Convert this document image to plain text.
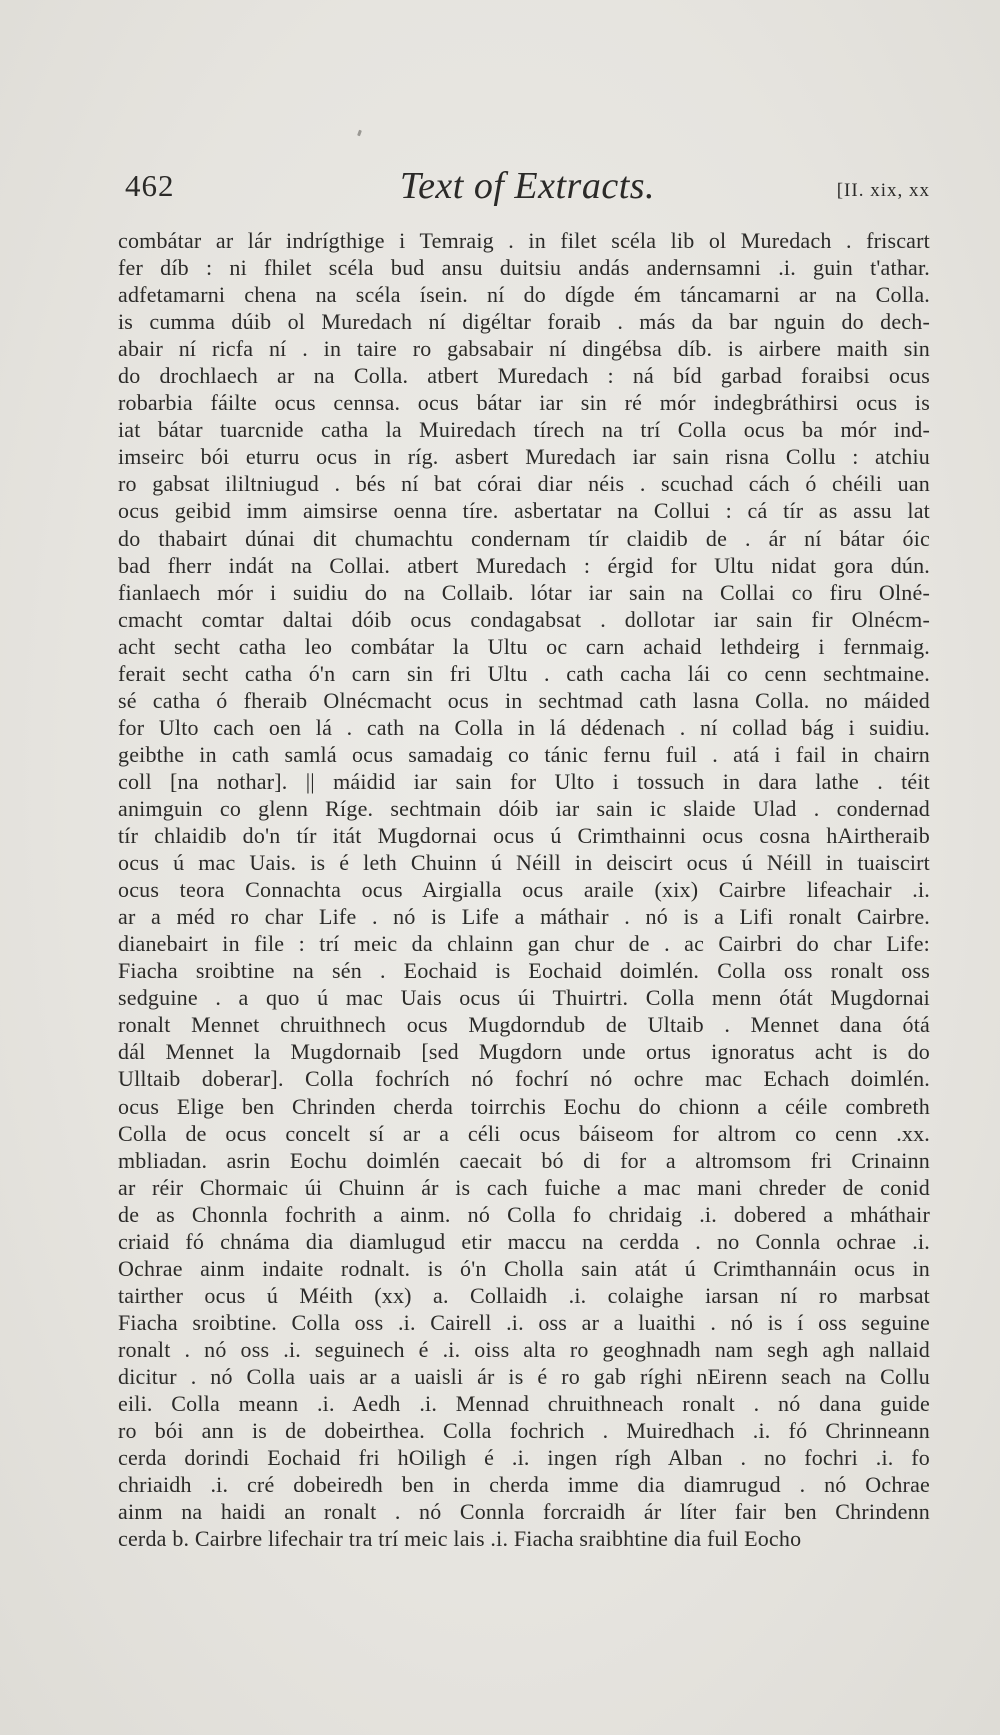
462	Text of Extracts.	[II. xix, xx
combátar ar lár indrígthige i Temraig . in filet scéla lib ol Muredach . friscart
fer díb : ni fhilet scéla bud ansu duitsiu andás andernsamni .i. guin t'athar.
adfetamarni chena na scéla ísein. ní do dígde ém táncamarni ar na Colla.
is cumma dúib ol Muredach ní digéltar foraib . más da bar nguin do dech-
abair ní ricfa ní . in taire ro gabsabair ní dingébsa díb. is airbere maith sin
do drochlaech ar na Colla. atbert Muredach : ná bíd garbad foraibsi ocus
robarbia fáilte ocus cennsa. ocus bátar iar sin ré mór indegbráthirsi ocus is
iat bátar tuarcnide catha la Muiredach tírech na trí Colla ocus ba mór ind-
imseirc bói eturru ocus in ríg. asbert Muredach iar sain risna Collu : atchiu
ro gabsat ililtniugud . bés ní bat córai diar néis . scuchad cách ó chéili uan
ocus geibid imm aimsirse oenna tíre. asbertatar na Collui : cá tír as assu lat
do thabairt dúnai dit chumachtu condernam tír claidib de . ár ní bátar óic
bad fherr indát na Collai. atbert Muredach : érgid for Ultu nidat gora dún.
fianlaech mór i suidiu do na Collaib. lótar iar sain na Collai co firu Olné-
cmacht comtar daltai dóib ocus condagabsat . dollotar iar sain fir Olnécm-
acht secht catha leo combátar la Ultu oc carn achaid lethdeirg i fernmaig.
ferait secht catha ó'n carn sin fri Ultu . cath cacha lái co cenn sechtmaine.
sé catha ó fheraib Olnécmacht ocus in sechtmad cath lasna Colla. no máided
for Ulto cach oen lá . cath na Colla in lá dédenach . ní collad bág i suidiu.
geibthe in cath samlá ocus samadaig co tánic fernu fuil . atá i fail in chairn
coll [na nothar]. || máidid iar sain for Ulto i tossuch in dara lathe . téit
animguin co glenn Ríge. sechtmain dóib iar sain ic slaide Ulad . condernad
tír chlaidib do'n tír itát Mugdornai ocus ú Crimthainni ocus cosna hAirtheraib
ocus ú mac Uais. is é leth Chuinn ú Néill in deiscirt ocus ú Néill in tuaiscirt
ocus teora Connachta ocus Airgialla ocus araile (xix) Cairbre lifeachair .i.
ar a méd ro char Life . nó is Life a máthair . nó is a Lifi ronalt Cairbre.
dianebairt in file : trí meic da chlainn gan chur de . ac Cairbri do char Life:
Fiacha sroibtine na sén . Eochaid is Eochaid doimlén. Colla oss ronalt oss
sedguine . a quo ú mac Uais ocus úi Thuirtri. Colla menn ótát Mugdornai
ronalt Mennet chruithnech ocus Mugdorndub de Ultaib . Mennet dana ótá
dál Mennet la Mugdornaib [sed Mugdorn unde ortus ignoratus acht is do
Ulltaib doberar]. Colla fochrích nó fochrí nó ochre mac Echach doimlén.
ocus Elige ben Chrinden cherda toirrchis Eochu do chionn a céile combreth
Colla de ocus concelt sí ar a céli ocus báiseom for altrom co cenn .xx.
mbliadan. asrin Eochu doimlén caecait bó di for a altromsom fri Crinainn
ar réir Chormaic úi Chuinn ár is cach fuiche a mac mani chreder de conid
de as Chonnla fochrith a ainm. nó Colla fo chridaig .i. dobered a mháthair
criaid fó chnáma dia diamlugud etir maccu na cerdda . no Connla ochrae .i.
Ochrae ainm indaite rodnalt. is ó'n Cholla sain atát ú Crimthannáin ocus in
tairther ocus ú Méith (xx) a. Collaidh .i. colaighe iarsan ní ro marbsat
Fiacha sroibtine. Colla oss .i. Cairell .i. oss ar a luaithi . nó is í oss seguine
ronalt . nó oss .i. seguinech é .i. oiss alta ro geoghnadh nam segh agh nallaid
dicitur . nó Colla uais ar a uaisli ár is é ro gab ríghi nEirenn seach na Collu
eili. Colla meann .i. Aedh .i. Mennad chruithneach ronalt . nó dana guide
ro bói ann is de dobeirthea. Colla fochrich . Muiredhach .i. fó Chrinneann
cerda dorindi Eochaid fri hOiligh é .i. ingen rígh Alban . no fochri .i. fo
chriaidh .i. cré dobeiredh ben in cherda imme dia diamrugud . nó Ochrae
ainm na haidi an ronalt . nó Connla forcraidh ár líter fair ben Chrindenn
cerda b. Cairbre lifechair tra trí meic lais .i. Fiacha sraibhtine dia fuil Eocho
